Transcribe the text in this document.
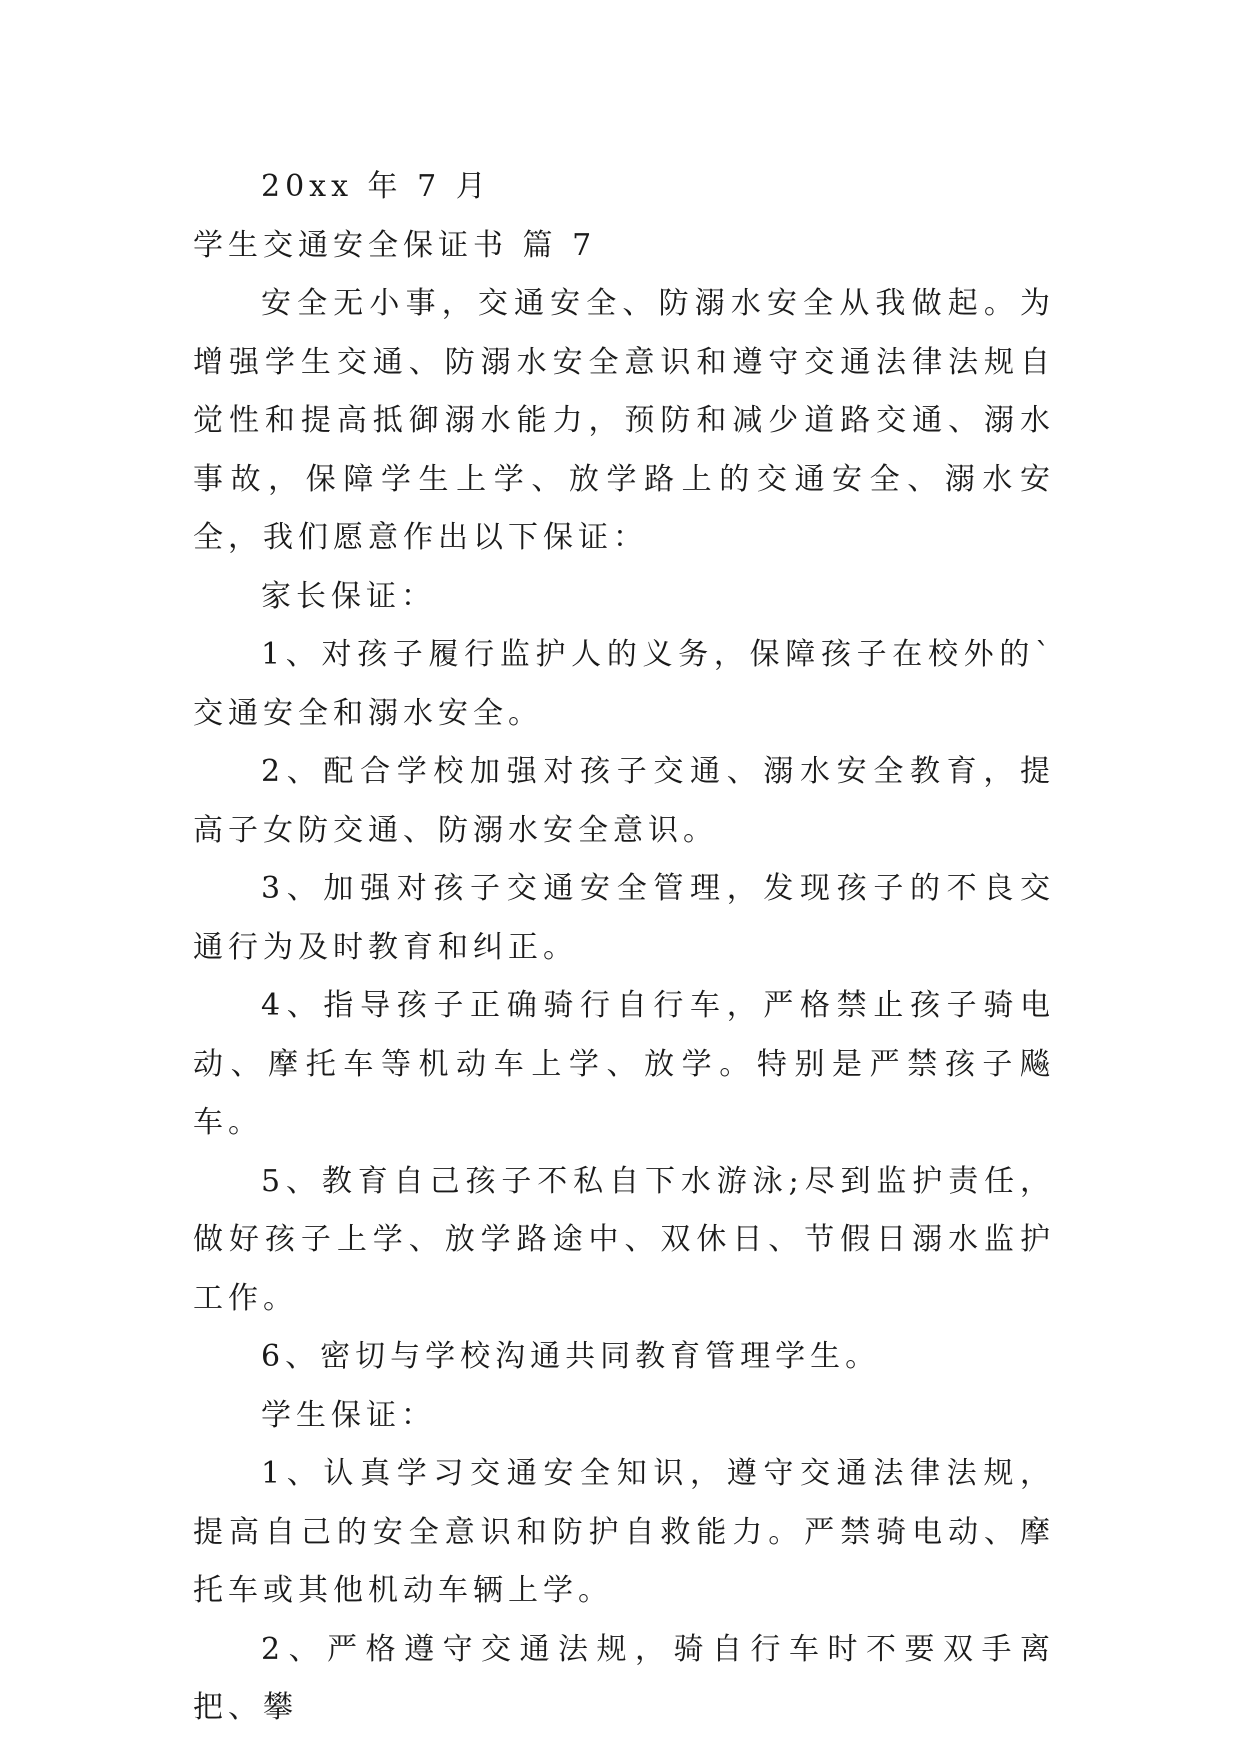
20xx 年 7 月

学生交通安全保证书 篇 7

安全无小事，交通安全、防溺水安全从我做起。为增强学生交通、防溺水安全意识和遵守交通法律法规自觉性和提高抵御溺水能力，预防和减少道路交通、溺水事故，保障学生上学、放学路上的交通安全、溺水安全，我们愿意作出以下保证：

家长保证：

1、对孩子履行监护人的义务，保障孩子在校外的`交通安全和溺水安全。

2、配合学校加强对孩子交通、溺水安全教育，提高子女防交通、防溺水安全意识。

3、加强对孩子交通安全管理，发现孩子的不良交通行为及时教育和纠正。

4、指导孩子正确骑行自行车，严格禁止孩子骑电动、摩托车等机动车上学、放学。特别是严禁孩子飚车。

5、教育自己孩子不私自下水游泳;尽到监护责任，做好孩子上学、放学路途中、双休日、节假日溺水监护工作。

6、密切与学校沟通共同教育管理学生。

学生保证：

1、认真学习交通安全知识，遵守交通法律法规，提高自己的安全意识和防护自救能力。严禁骑电动、摩托车或其他机动车辆上学。

2、严格遵守交通法规，骑自行车时不要双手离把、攀
